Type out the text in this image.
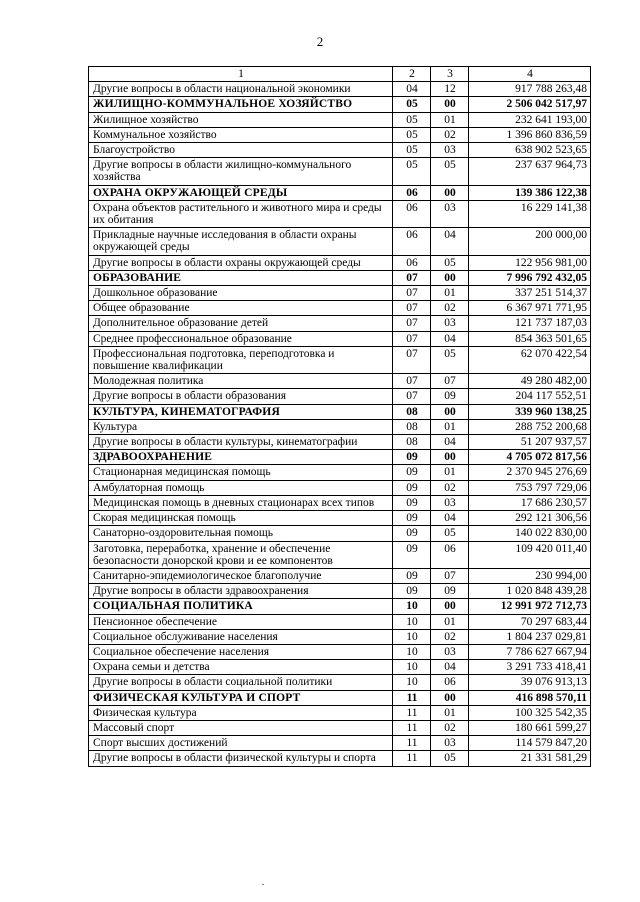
2
1	2	3	4
Другие вопросы в области национальной экономики	04	12	917 788 263,48
ЖИЛИЩНО-КОММУНАЛЬНОЕ ХОЗЯЙСТВО	05	00	2 506 042 517,97
Жилищное хозяйство	05	01	232 641 193,00
Коммунальное хозяйство	05	02	1 396 860 836,59
Благоустройство	05	03	638 902 523,65
Другие вопросы в области жилищно-коммунального хозяйства	05	05	237 637 964,73
ОХРАНА ОКРУЖАЮЩЕЙ СРЕДЫ	06	00	139 386 122,38
Охрана объектов растительного и животного мира и среды их обитания	06	03	16 229 141,38
Прикладные научные исследования в области охраны окружающей среды	06	04	200 000,00
Другие вопросы в области охраны окружающей среды	06	05	122 956 981,00
ОБРАЗОВАНИЕ	07	00	7 996 792 432,05
Дошкольное образование	07	01	337 251 514,37
Общее образование	07	02	6 367 971 771,95
Дополнительное образование детей	07	03	121 737 187,03
Среднее профессиональное образование	07	04	854 363 501,65
Профессиональная подготовка, переподготовка и повышение квалификации	07	05	62 070 422,54
Молодежная политика	07	07	49 280 482,00
Другие вопросы в области образования	07	09	204 117 552,51
КУЛЬТУРА, КИНЕМАТОГРАФИЯ	08	00	339 960 138,25
Культура	08	01	288 752 200,68
Другие вопросы в области культуры, кинематографии	08	04	51 207 937,57
ЗДРАВООХРАНЕНИЕ	09	00	4 705 072 817,56
Стационарная медицинская помощь	09	01	2 370 945 276,69
Амбулаторная помощь	09	02	753 797 729,06
Медицинская помощь в дневных стационарах всех типов	09	03	17 686 230,57
Скорая медицинская помощь	09	04	292 121 306,56
Санаторно-оздоровительная помощь	09	05	140 022 830,00
Заготовка, переработка, хранение и обеспечение безопасности донорской крови и ее компонентов	09	06	109 420 011,40
Санитарно-эпидемиологическое благополучие	09	07	230 994,00
Другие вопросы в области здравоохранения	09	09	1 020 848 439,28
СОЦИАЛЬНАЯ ПОЛИТИКА	10	00	12 991 972 712,73
Пенсионное обеспечение	10	01	70 297 683,44
Социальное обслуживание населения	10	02	1 804 237 029,81
Социальное обеспечение населения	10	03	7 786 627 667,94
Охрана семьи и детства	10	04	3 291 733 418,41
Другие вопросы в области социальной политики	10	06	39 076 913,13
ФИЗИЧЕСКАЯ КУЛЬТУРА И СПОРТ	11	00	416 898 570,11
Физическая культура	11	01	100 325 542,35
Массовый спорт	11	02	180 661 599,27
Спорт высших достижений	11	03	114 579 847,20
Другие вопросы в области физической культуры и спорта	11	05	21 331 581,29
